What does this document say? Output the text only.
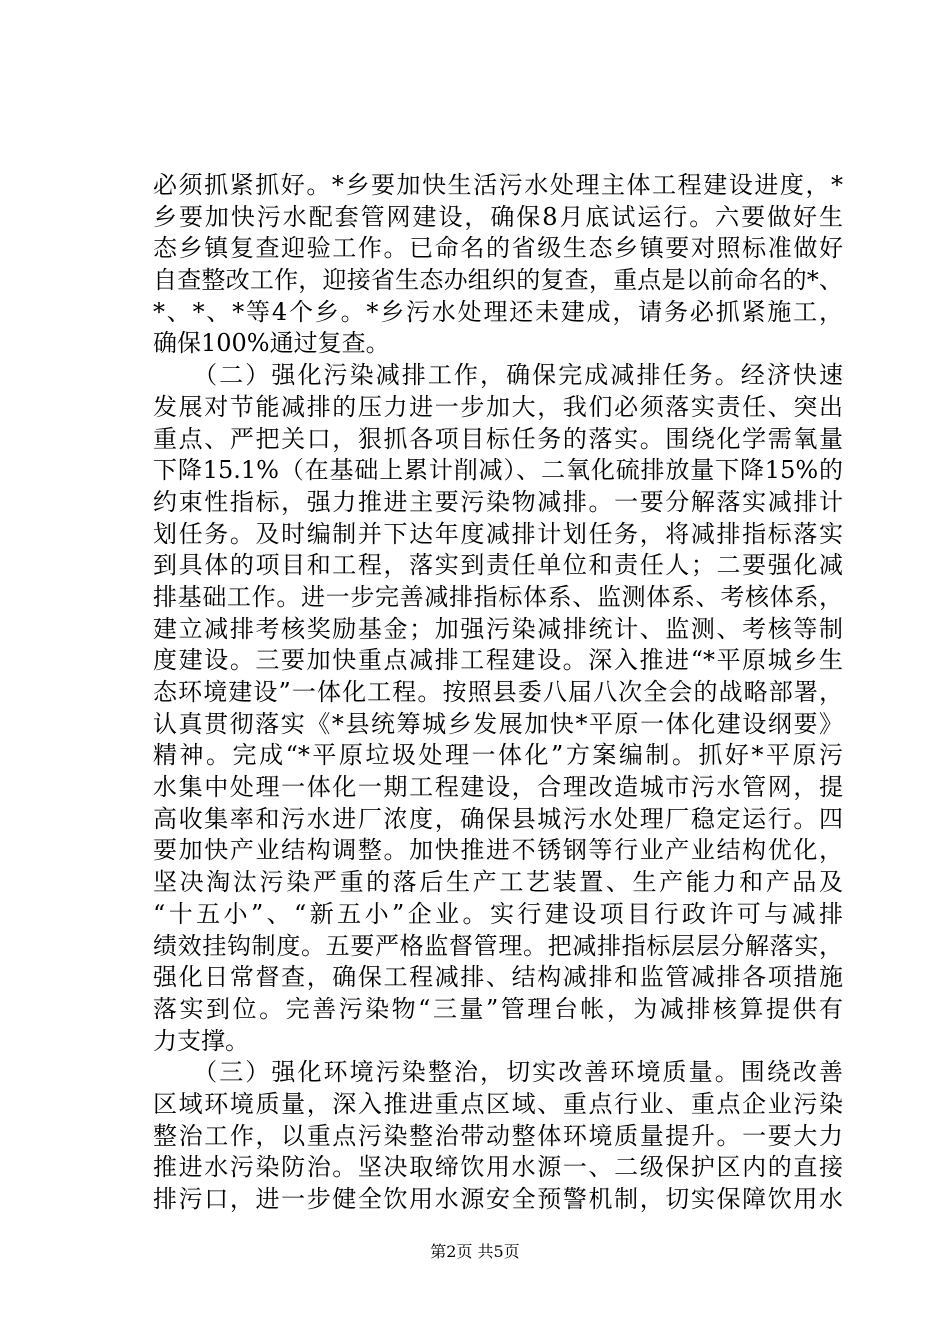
必须抓紧抓好。*乡要加快生活污水处理主体工程建设进度，*
乡要加快污水配套管网建设，确保8月底试运行。六要做好生
态乡镇复查迎验工作。已命名的省级生态乡镇要对照标准做好
自查整改工作，迎接省生态办组织的复查，重点是以前命名的*、
*、*、*等4个乡。*乡污水处理还未建成，请务必抓紧施工，
确保100%通过复查。
　　（二）强化污染减排工作，确保完成减排任务。经济快速
发展对节能减排的压力进一步加大，我们必须落实责任、突出
重点、严把关口，狠抓各项目标任务的落实。围绕化学需氧量
下降15.1%（在基础上累计削减）、二氧化硫排放量下降15%的
约束性指标，强力推进主要污染物减排。一要分解落实减排计
划任务。及时编制并下达年度减排计划任务，将减排指标落实
到具体的项目和工程，落实到责任单位和责任人；二要强化减
排基础工作。进一步完善减排指标体系、监测体系、考核体系，
建立减排考核奖励基金；加强污染减排统计、监测、考核等制
度建设。三要加快重点减排工程建设。深入推进“*平原城乡生
态环境建设”一体化工程。按照县委八届八次全会的战略部署，
认真贯彻落实《*县统筹城乡发展加快*平原一体化建设纲要》
精神。完成“*平原垃圾处理一体化”方案编制。抓好*平原污
水集中处理一体化一期工程建设，合理改造城市污水管网，提
高收集率和污水进厂浓度，确保县城污水处理厂稳定运行。四
要加快产业结构调整。加快推进不锈钢等行业产业结构优化，
坚决淘汰污染严重的落后生产工艺装置、生产能力和产品及
“十五小”、“新五小”企业。实行建设项目行政许可与减排
绩效挂钩制度。五要严格监督管理。把减排指标层层分解落实，
强化日常督查，确保工程减排、结构减排和监管减排各项措施
落实到位。完善污染物“三量”管理台帐，为减排核算提供有
力支撑。
　　（三）强化环境污染整治，切实改善环境质量。围绕改善
区域环境质量，深入推进重点区域、重点行业、重点企业污染
整治工作，以重点污染整治带动整体环境质量提升。一要大力
推进水污染防治。坚决取缔饮用水源一、二级保护区内的直接
排污口，进一步健全饮用水源安全预警机制，切实保障饮用水
第2页 共5页
